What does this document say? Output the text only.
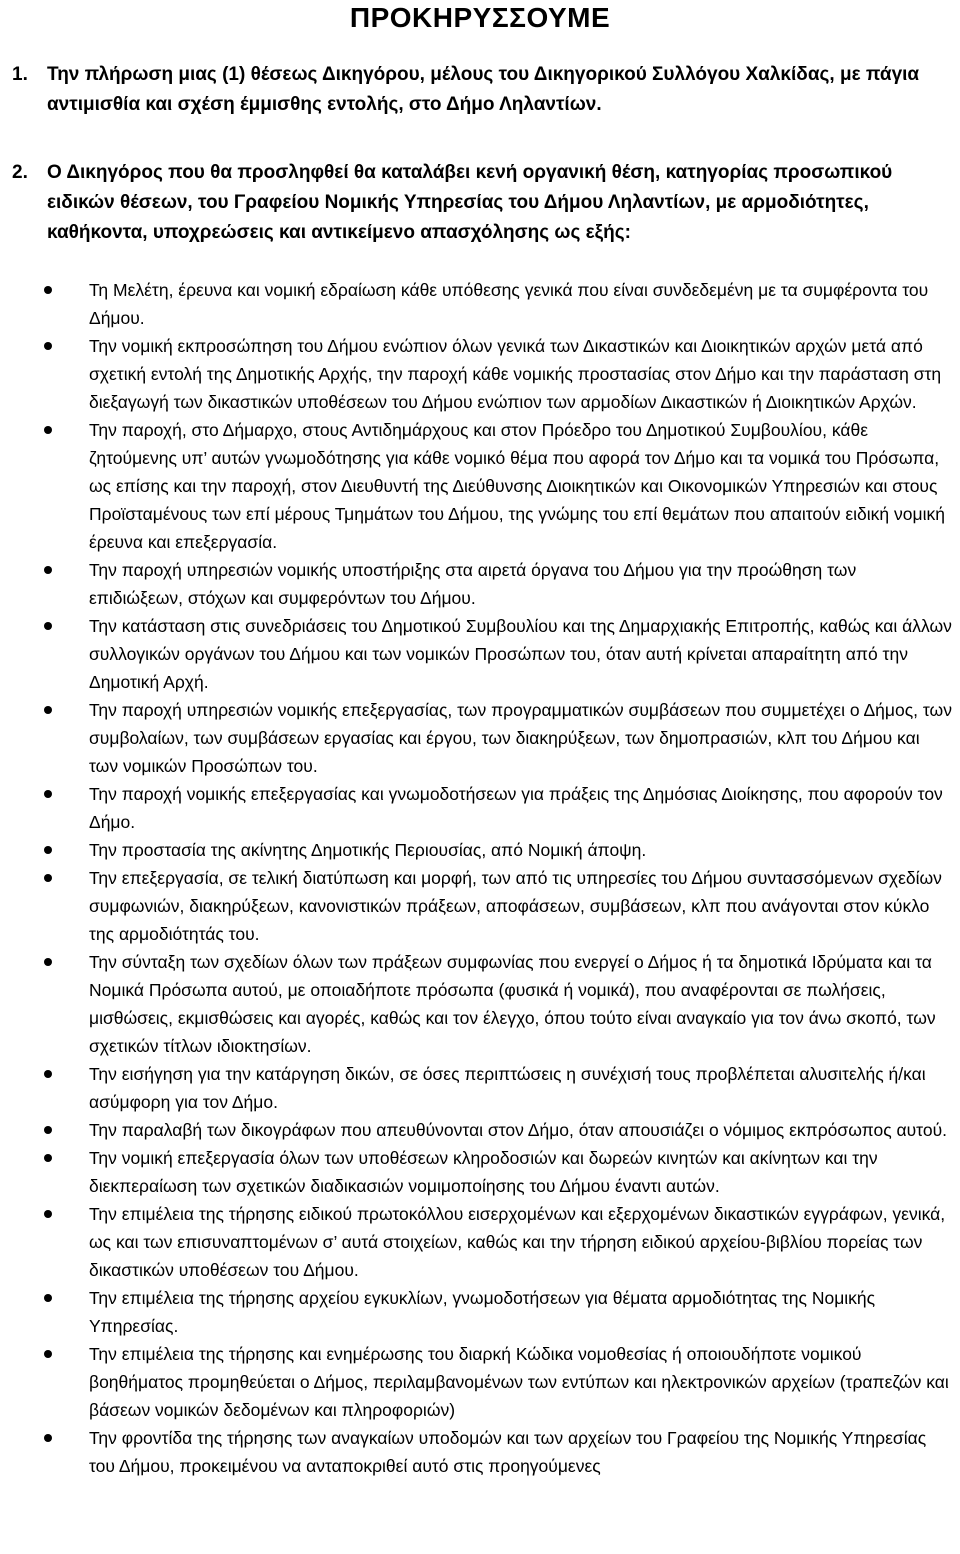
ΠΡΟΚΗΡΥΣΣΟΥΜΕ
1. Την πλήρωση μιας (1) θέσεως Δικηγόρου, μέλους του Δικηγορικού Συλλόγου Χαλκίδας, με πάγια αντιμισθία και σχέση έμμισθης εντολής, στο Δήμο Ληλαντίων.
2. Ο Δικηγόρος που θα προσληφθεί θα καταλάβει κενή οργανική θέση, κατηγορίας προσωπικού ειδικών θέσεων, του Γραφείου Νομικής Υπηρεσίας του Δήμου Ληλαντίων, με αρμοδιότητες, καθήκοντα, υποχρεώσεις και αντικείμενο απασχόλησης ως εξής:
Τη Μελέτη, έρευνα και νομική εδραίωση κάθε υπόθεσης γενικά που είναι συνδεδεμένη με τα συμφέροντα του Δήμου.
Την νομική εκπροσώπηση του Δήμου ενώπιον όλων γενικά των Δικαστικών και Διοικητικών αρχών μετά από σχετική εντολή της Δημοτικής Αρχής, την παροχή κάθε νομικής προστασίας στον Δήμο και την παράσταση στη διεξαγωγή των δικαστικών υποθέσεων του Δήμου ενώπιον των αρμοδίων Δικαστικών ή Διοικητικών Αρχών.
Την παροχή, στο Δήμαρχο, στους Αντιδημάρχους και στον Πρόεδρο του Δημοτικού Συμβουλίου, κάθε ζητούμενης υπ’ αυτών γνωμοδότησης για κάθε νομικό θέμα που αφορά τον Δήμο και τα νομικά του Πρόσωπα, ως επίσης και την παροχή, στον Διευθυντή της Διεύθυνσης Διοικητικών και Οικονομικών Υπηρεσιών και στους Προϊσταμένους των επί μέρους Τμημάτων του Δήμου, της γνώμης του επί θεμάτων που απαιτούν ειδική νομική έρευνα και επεξεργασία.
Την παροχή υπηρεσιών νομικής υποστήριξης στα αιρετά όργανα του Δήμου για την προώθηση των επιδιώξεων, στόχων και συμφερόντων του Δήμου.
Την κατάσταση στις συνεδριάσεις του Δημοτικού Συμβουλίου και της Δημαρχιακής Επιτροπής, καθώς και άλλων συλλογικών οργάνων του Δήμου και των νομικών Προσώπων του, όταν αυτή κρίνεται απαραίτητη από την Δημοτική Αρχή.
Την παροχή υπηρεσιών νομικής επεξεργασίας, των προγραμματικών συμβάσεων που συμμετέχει ο Δήμος, των συμβολαίων, των συμβάσεων εργασίας και έργου, των διακηρύξεων, των δημοπρασιών, κλπ του Δήμου και των νομικών Προσώπων του.
Την παροχή νομικής επεξεργασίας και γνωμοδοτήσεων για πράξεις της Δημόσιας Διοίκησης, που αφορούν τον Δήμο.
Την προστασία της ακίνητης Δημοτικής Περιουσίας, από Νομική άποψη.
Την επεξεργασία, σε τελική διατύπωση και μορφή, των από τις υπηρεσίες του Δήμου συντασσόμενων σχεδίων συμφωνιών, διακηρύξεων, κανονιστικών πράξεων, αποφάσεων, συμβάσεων, κλπ που ανάγονται στον κύκλο της αρμοδιότητάς του.
Την σύνταξη των σχεδίων όλων των πράξεων συμφωνίας που ενεργεί ο Δήμος ή τα δημοτικά Ιδρύματα και τα Νομικά Πρόσωπα αυτού, με οποιαδήποτε πρόσωπα (φυσικά ή νομικά), που αναφέρονται σε πωλήσεις, μισθώσεις, εκμισθώσεις και αγορές, καθώς και τον έλεγχο, όπου τούτο είναι αναγκαίο για τον άνω σκοπό, των σχετικών τίτλων ιδιοκτησίων.
Την εισήγηση για την κατάργηση δικών, σε όσες περιπτώσεις η συνέχισή τους προβλέπεται αλυσιτελής ή/και ασύμφορη για τον Δήμο.
Την παραλαβή των δικογράφων που απευθύνονται στον Δήμο, όταν απουσιάζει ο νόμιμος εκπρόσωπος αυτού.
Την νομική επεξεργασία όλων των υποθέσεων κληροδοσιών και δωρεών κινητών και ακίνητων και την διεκπεραίωση των σχετικών διαδικασιών νομιμοποίησης του Δήμου έναντι αυτών.
Την επιμέλεια της τήρησης ειδικού πρωτοκόλλου εισερχομένων και εξερχομένων δικαστικών εγγράφων, γενικά, ως και των επισυναπτομένων σ’ αυτά στοιχείων, καθώς και την τήρηση ειδικού αρχείου-βιβλίου πορείας των δικαστικών υποθέσεων του Δήμου.
Την επιμέλεια της τήρησης αρχείου εγκυκλίων, γνωμοδοτήσεων για θέματα αρμοδιότητας της Νομικής Υπηρεσίας.
Την επιμέλεια της τήρησης και ενημέρωσης του διαρκή Κώδικα νομοθεσίας ή οποιουδήποτε νομικού βοηθήματος προμηθεύεται ο Δήμος, περιλαμβανομένων των εντύπων και ηλεκτρονικών αρχείων (τραπεζών και βάσεων νομικών δεδομένων και πληροφοριών)
Την φροντίδα της τήρησης των αναγκαίων υποδομών και των αρχείων του Γραφείου της Νομικής Υπηρεσίας του Δήμου, προκειμένου να ανταποκριθεί αυτό στις προηγούμενες
